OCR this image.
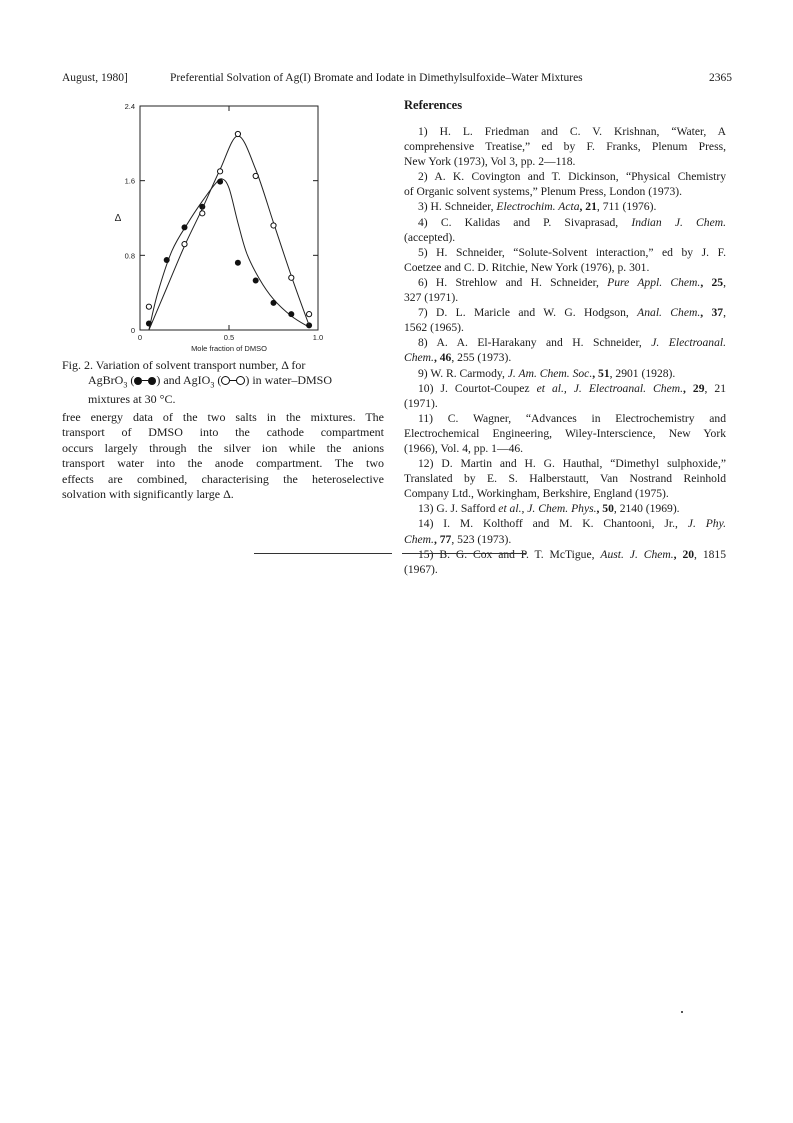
August, 1980]	Preferential Solvation of Ag(I) Bromate and Iodate in Dimethylsulfoxide–Water Mixtures	2365
0	0.5	1.0
0
0.8
1.6
2.4
Mole fraction of DMSO
Δ
Fig. 2. Variation of solvent transport number, Δ for
AgBrO$_3$ ( ) and AgIO$_3$ ( ) in water–DMSO
mixtures at 30 °C.
free energy data of the two salts in the mixtures. The
transport of DMSO into the cathode compartment
occurs largely through the silver ion while the anions
transport water into the anode compartment. The two
effects are combined, characterising the heteroselective
solvation with significantly large Δ.
References
1) H. L. Friedman and C. V. Krishnan, “Water, A
comprehensive Treatise,” ed by F. Franks, Plenum Press,
New York (1973), Vol 3, pp. 2—118.
2) A. K. Covington and T. Dickinson, “Physical Chemistry
of Organic solvent systems,” Plenum Press, London (1973).
3) H. Schneider, Electrochim. Acta, 21, 711 (1976).
4) C. Kalidas and P. Sivaprasad, Indian J. Chem.
(accepted).
5) H. Schneider, “Solute-Solvent interaction,” ed by J. F.
Coetzee and C. D. Ritchie, New York (1976), p. 301.
6) H. Strehlow and H. Schneider, Pure Appl. Chem., 25,
327 (1971).
7) D. L. Maricle and W. G. Hodgson, Anal. Chem., 37,
1562 (1965).
8) A. A. El-Harakany and H. Schneider, J. Electroanal.
Chem., 46, 255 (1973).
9) W. R. Carmody, J. Am. Chem. Soc., 51, 2901 (1928).
10) J. Courtot-Coupez et al., J. Electroanal. Chem., 29, 21
(1971).
11) C. Wagner, “Advances in Electrochemistry and
Electrochemical Engineering, Wiley-Interscience, New York
(1966), Vol. 4, pp. 1—46.
12) D. Martin and H. G. Hauthal, “Dimethyl sulphoxide,”
Translated by E. S. Halberstautt, Van Nostrand Reinhold
Company Ltd., Workingham, Berkshire, England (1975).
13) G. J. Safford et al., J. Chem. Phys., 50, 2140 (1969).
14) I. M. Kolthoff and M. K. Chantooni, Jr., J. Phy.
Chem., 77, 523 (1973).
15) B. G. Cox and P. T. McTigue, Aust. J. Chem., 20, 1815
(1967).
